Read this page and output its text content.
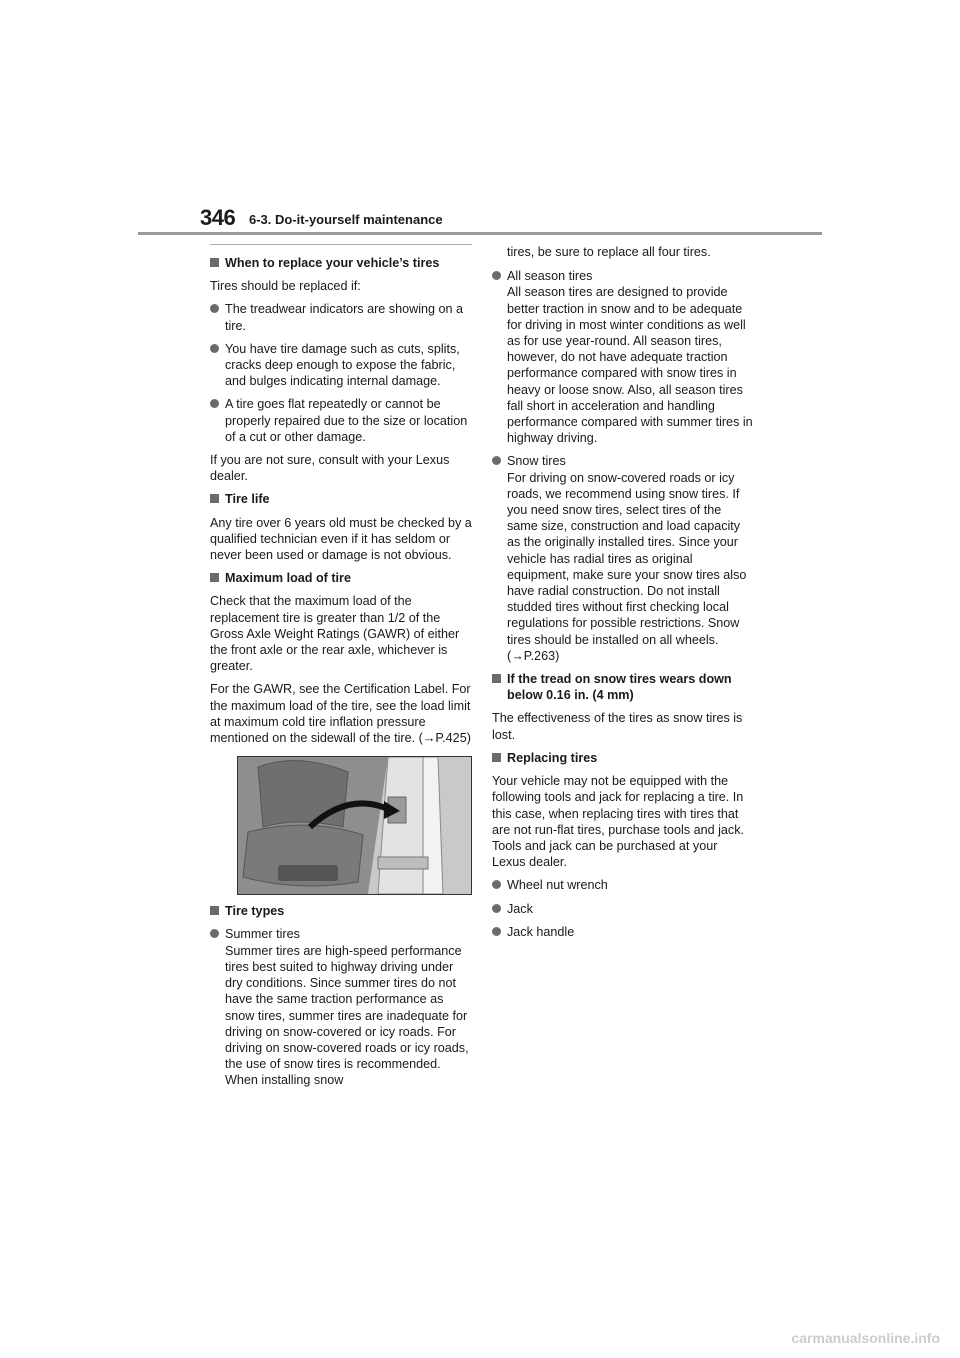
346 6-3. Do-it-yourself maintenance
When to replace your vehicle’s tires
Tires should be replaced if:
The treadwear indicators are showing on a tire.
You have tire damage such as cuts, splits, cracks deep enough to expose the fabric, and bulges indicating internal damage.
A tire goes flat repeatedly or cannot be properly repaired due to the size or location of a cut or other damage.
If you are not sure, consult with your Lexus dealer.
Tire life
Any tire over 6 years old must be checked by a qualified technician even if it has seldom or never been used or damage is not obvious.
Maximum load of tire
Check that the maximum load of the replacement tire is greater than 1/2 of the Gross Axle Weight Ratings (GAWR) of either the front axle or the rear axle, whichever is greater.
For the GAWR, see the Certification Label. For the maximum load of the tire, see the load limit at maximum cold tire inflation pressure mentioned on the sidewall of the tire. (→P.425)
Tire types
Summer tires
Summer tires are high-speed performance tires best suited to highway driving under dry conditions. Since summer tires do not have the same traction performance as snow tires, summer tires are inadequate for driving on snow-covered or icy roads. For driving on snow-covered roads or icy roads, the use of snow tires is recommended. When installing snow
tires, be sure to replace all four tires.
All season tires
All season tires are designed to provide better traction in snow and to be adequate for driving in most winter conditions as well as for use year-round. All season tires, however, do not have adequate traction performance compared with snow tires in heavy or loose snow. Also, all season tires fall short in acceleration and handling performance compared with summer tires in highway driving.
Snow tires
For driving on snow-covered roads or icy roads, we recommend using snow tires. If you need snow tires, select tires of the same size, construction and load capacity as the originally installed tires. Since your vehicle has radial tires as original equipment, make sure your snow tires also have radial construction. Do not install studded tires without first checking local regulations for possible restrictions. Snow tires should be installed on all wheels. (→P.263)
If the tread on snow tires wears down below 0.16 in. (4 mm)
The effectiveness of the tires as snow tires is lost.
Replacing tires
Your vehicle may not be equipped with the following tools and jack for replacing a tire. In this case, when replacing tires with tires that are not run-flat tires, purchase tools and jack. Tools and jack can be purchased at your Lexus dealer.
Wheel nut wrench
Jack
Jack handle
carmanualsonline.info
